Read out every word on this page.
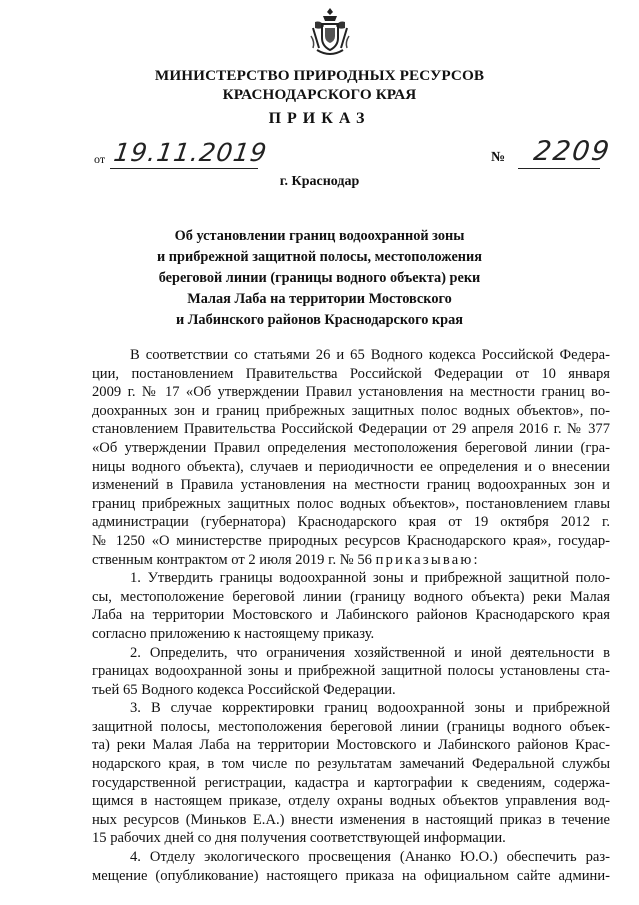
МИНИСТЕРСТВО ПРИРОДНЫХ РЕСУРСОВ
КРАСНОДАРСКОГО КРАЯ
ПРИКАЗ
от 19.11.2019	№ 2209
г. Краснодар
Об установлении границ водоохранной зоны
и прибрежной защитной полосы, местоположения
береговой линии (границы водного объекта) реки
Малая Лаба на территории Мостовского
и Лабинского районов Краснодарского края
В соответствии со статьями 26 и 65 Водного кодекса Российской Федера-
ции, постановлением Правительства Российской Федерации от 10 января
2009 г. № 17 «Об утверждении Правил установления на местности границ во-
доохранных зон и границ прибрежных защитных полос водных объектов», по-
становлением Правительства Российской Федерации от 29 апреля 2016 г. № 377
«Об утверждении Правил определения местоположения береговой линии (гра-
ницы водного объекта), случаев и периодичности ее определения и о внесении
изменений в Правила установления на местности границ водоохранных зон и
границ прибрежных защитных полос водных объектов», постановлением главы
администрации (губернатора) Краснодарского края от 19 октября 2012 г.
№ 1250 «О министерстве природных ресурсов Краснодарского края», государ-
ственным контрактом от 2 июля 2019 г. № 56 приказываю:
1. Утвердить границы водоохранной зоны и прибрежной защитной поло-
сы, местоположение береговой линии (границу водного объекта) реки Малая
Лаба на территории Мостовского и Лабинского районов Краснодарского края
согласно приложению к настоящему приказу.
2. Определить, что ограничения хозяйственной и иной деятельности в
границах водоохранной зоны и прибрежной защитной полосы установлены ста-
тьей 65 Водного кодекса Российской Федерации.
3. В случае корректировки границ водоохранной зоны и прибрежной
защитной полосы, местоположения береговой линии (границы водного объек-
та) реки Малая Лаба на территории Мостовского и Лабинского районов Крас-
нодарского края, в том числе по результатам замечаний Федеральной службы
государственной регистрации, кадастра и картографии к сведениям, содержа-
щимся в настоящем приказе, отделу охраны водных объектов управления вод-
ных ресурсов (Миньков Е.А.) внести изменения в настоящий приказ в течение
15 рабочих дней со дня получения соответствующей информации.
4. Отделу экологического просвещения (Ананко Ю.О.) обеспечить раз-
мещение (опубликование) настоящего приказа на официальном сайте админи-
